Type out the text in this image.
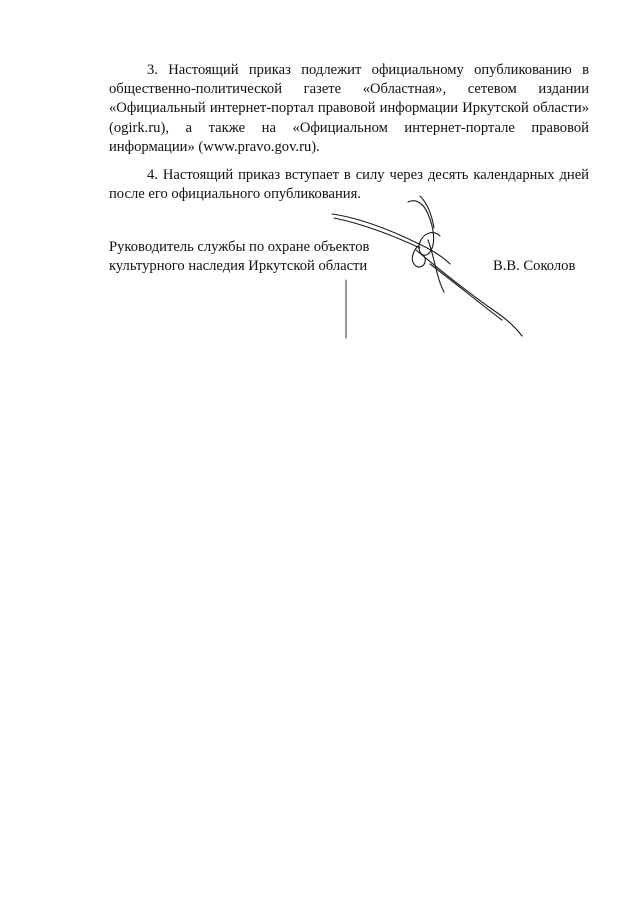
3. Настоящий приказ подлежит официальному опубликованию в общественно-политической газете «Областная», сетевом издании «Официальный интернет-портал правовой информации Иркутской области» (ogirk.ru), а также на «Официальном интернет-портале правовой информации» (www.pravo.gov.ru).

4. Настоящий приказ вступает в силу через десять календарных дней после его официального опубликования.

Руководитель службы по охране объектов
культурного наследия Иркутской области	В.В. Соколов
